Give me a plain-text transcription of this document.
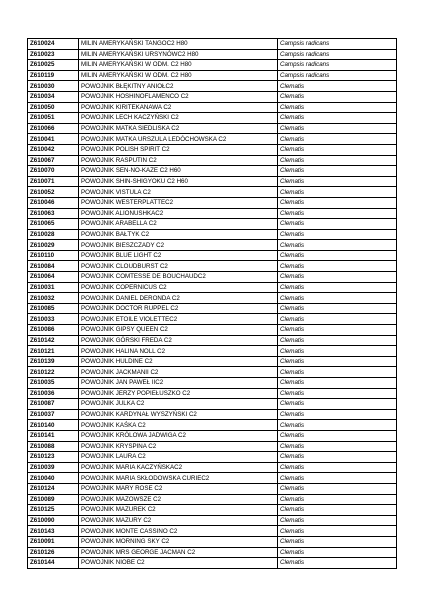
Z610024	MILIN AMERYKAŃSKI TANGOC2 H80	Campsis radicans
Z610023	MILIN AMERYKAŃSKI URSYNÓWC2 H80	Campsis radicans
Z610025	MILIN AMERYKAŃSKI W ODM. C2 H80	Campsis radicans
Z610119	MILIN AMERYKAŃSKI W ODM. C2 H80	Campsis radicans
Z610030	POWOJNIK BŁĘKITNY ANIOŁC2	Clematis
Z610034	POWOJNIK HOSHINOFLAMENCO C2	Clematis
Z610050	POWOJNIK KIRITEKANAWA C2	Clematis
Z610051	POWOJNIK LECH KACZYŃSKI C2	Clematis
Z610066	POWOJNIK MATKA SIEDLISKA C2	Clematis
Z610041	POWOJNIK MATKA URSZULA LEDÓCHOWSKA C2	Clematis
Z610042	POWOJNIK POLISH SPIRIT C2	Clematis
Z610067	POWOJNIK RASPUTIN C2	Clematis
Z610070	POWOJNIK SEN-NO-KAZE C2 H60	Clematis
Z610071	POWOJNIK SHIN-SHIGYOKU C2 H60	Clematis
Z610052	POWOJNIK VISTULA C2	Clematis
Z610046	POWOJNIK WESTERPLATTEC2	Clematis
Z610063	POWOJNIK ALIONUSHKAC2	Clematis
Z610065	POWOJNIK ARABELLA C2	Clematis
Z610028	POWOJNIK BAŁTYK C2	Clematis
Z610029	POWOJNIK BIESZCZADY C2	Clematis
Z610110	POWOJNIK BLUE LIGHT C2	Clematis
Z610084	POWOJNIK CLOUDBURST C2	Clematis
Z610064	POWOJNIK COMTESSE DE BOUCHAUDC2	Clematis
Z610031	POWOJNIK COPERNICUS C2	Clematis
Z610032	POWOJNIK DANIEL DERONDA C2	Clematis
Z610085	POWOJNIK DOCTOR RUPPEL C2	Clematis
Z610033	POWOJNIK ETOILE VIOLETTEC2	Clematis
Z610086	POWOJNIK GIPSY QUEEN C2	Clematis
Z610142	POWOJNIK GÓRSKI FREDA C2	Clematis
Z610121	POWOJNIK HALINA NOLL C2	Clematis
Z610139	POWOJNIK HULDINE C2	Clematis
Z610122	POWOJNIK JACKMANII C2	Clematis
Z610035	POWOJNIK JAN PAWEŁ IIC2	Clematis
Z610036	POWOJNIK JERZY POPIEŁUSZKO C2	Clematis
Z610087	POWOJNIK JULKA C2	Clematis
Z610037	POWOJNIK KARDYNAŁ WYSZYŃSKI C2	Clematis
Z610140	POWOJNIK KAŚKA C2	Clematis
Z610141	POWOJNIK KRÓLOWA JADWIGA C2	Clematis
Z610088	POWOJNIK KRYSPINA C2	Clematis
Z610123	POWOJNIK LAURA C2	Clematis
Z610039	POWOJNIK MARIA KACZYŃSKAC2	Clematis
Z610040	POWOJNIK MARIA SKŁODOWSKA CURIEC2	Clematis
Z610124	POWOJNIK MARY ROSE C2	Clematis
Z610089	POWOJNIK MAZOWSZE C2	Clematis
Z610125	POWOJNIK MAZUREK C2	Clematis
Z610090	POWOJNIK MAZURY C2	Clematis
Z610143	POWOJNIK MONTE CASSINO C2	Clematis
Z610091	POWOJNIK MORNING SKY C2	Clematis
Z610126	POWOJNIK MRS GEORGE JACMAN C2	Clematis
Z610144	POWOJNIK NIOBE C2	Clematis
